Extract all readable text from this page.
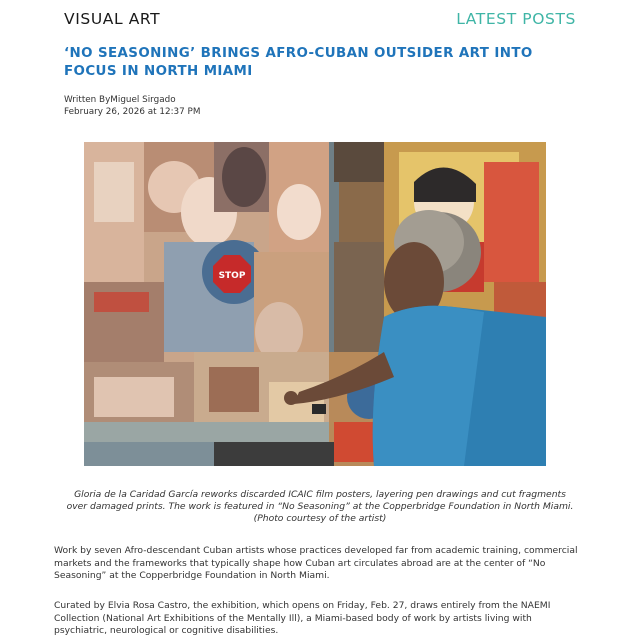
VISUAL ART	LATEST POSTS
‘NO SEASONING’ BRINGS AFRO-CUBAN OUTSIDER ART INTO FOCUS IN NORTH MIAMI
Written ByMiguel Sirgado
February 26, 2026 at 12:37 PM
STOP
Gloria de la Caridad García reworks discarded ICAIC film posters, layering pen drawings and cut fragments
over damaged prints. The work is featured in “No Seasoning” at the Copperbridge Foundation in North Miami.
(Photo courtesy of the artist)

Work by seven Afro-descendant Cuban artists whose practices developed far from academic training, commercial markets and the frameworks that typically shape how Cuban art circulates abroad are at the center of “No Seasoning” at the Copperbridge Foundation in North Miami.

Curated by Elvia Rosa Castro, the exhibition, which opens on Friday, Feb. 27, draws entirely from the NAEMI Collection (National Art Exhibitions of the Mentally Ill), a Miami-based body of work by artists living with psychiatric, neurological or cognitive disabilities.
